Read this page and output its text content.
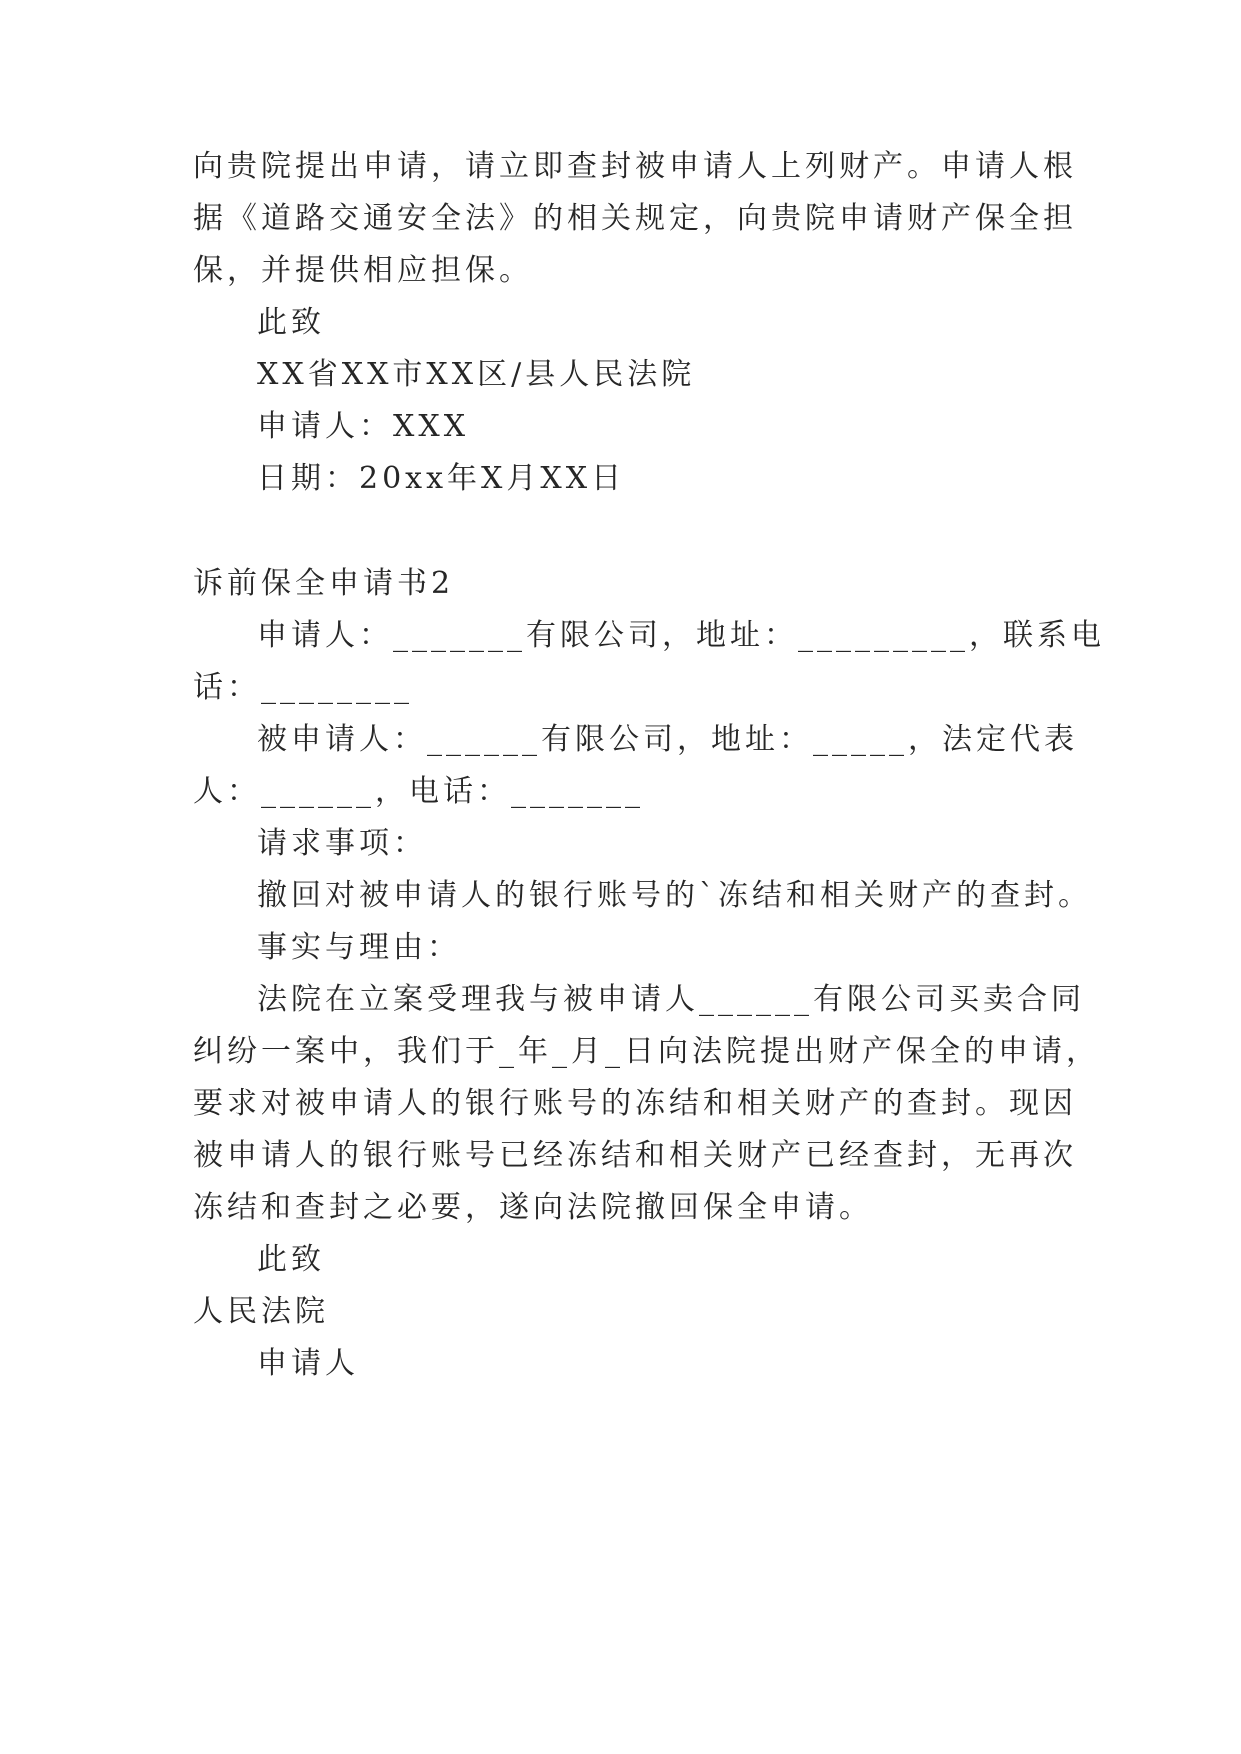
向贵院提出申请，请立即查封被申请人上列财产。申请人根
据《道路交通安全法》的相关规定，向贵院申请财产保全担
保，并提供相应担保。
此致
XX省XX市XX区/县人民法院
申请人：XXX
日期：20xx年X月XX日
诉前保全申请书2
申请人：_______有限公司，地址：_________，联系电
话：________
被申请人：______有限公司，地址：_____，法定代表
人：______，电话：_______
请求事项：
撤回对被申请人的银行账号的`冻结和相关财产的查封。
事实与理由：
法院在立案受理我与被申请人______有限公司买卖合同
纠纷一案中，我们于_年_月_日向法院提出财产保全的申请，
要求对被申请人的银行账号的冻结和相关财产的查封。现因
被申请人的银行账号已经冻结和相关财产已经查封，无再次
冻结和查封之必要，遂向法院撤回保全申请。
此致
人民法院
申请人
